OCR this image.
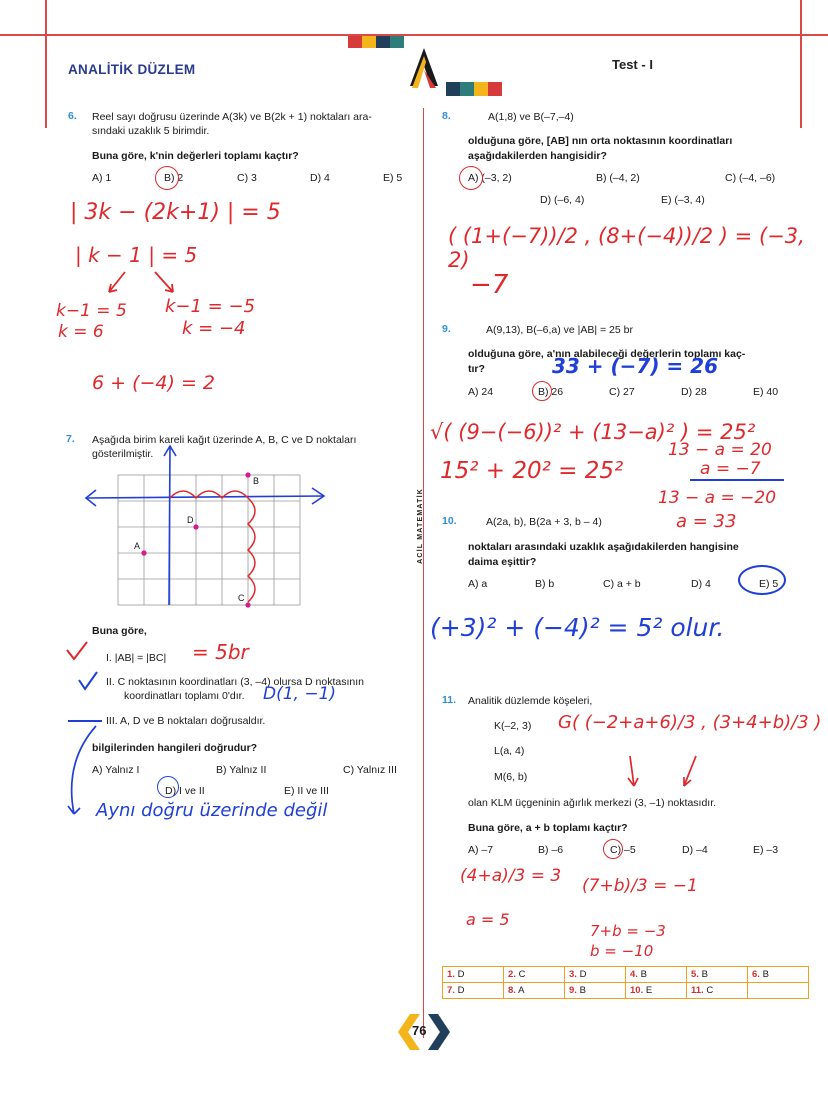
ANALİTİK DÜZLEM	Test - I
6. Reel sayı doğrusu üzerinde A(3k) ve B(2k + 1) noktaları ara-
sındaki uzaklık 5 birimdir.
Buna göre, k'nin değerleri toplamı kaçtır?
A) 1	B) 2	C) 3	D) 4	E) 5
| 3k − (2k+1) | = 5
| k − 1 | = 5
k−1 = 5
k = 6
k−1 = −5
k = −4
6 + (−4) = 2
7. Aşağıda birim kareli kağıt üzerinde A, B, C ve D noktaları
gösterilmiştir.
B
D
A
C
Buna göre,
I. |AB| = |BC| = 5br
II. C noktasının koordinatları (3, –4) olursa D noktasının
koordinatları toplamı 0'dır. D(1, −1)
III. A, D ve B noktaları doğrusaldır.
bilgilerinden hangileri doğrudur?
A) Yalnız I	B) Yalnız II	C) Yalnız III
D) I ve II	E) II ve III
Aynı doğru üzerinde değil
8.	A(1,8) ve B(–7,–4)
olduğuna göre, [AB] nın orta noktasının koordinatları
aşağıdakilerden hangisidir?
A) (–3, 2)	B) (–4, 2)	C) (–4, –6)
D) (–6, 4)	E) (–3, 4)
( (1+(−7))/2 , (8+(−4))/2 ) = (−3, 2)
−7
9.	A(9,13), B(–6,a) ve |AB| = 25 br
olduğuna göre, a'nın alabileceği değerlerin toplamı kaç-
tır?	33 + (−7) = 26
A) 24	B) 26	C) 27	D) 28	E) 40
√( (9−(−6))² + (13−a)² ) = 25²
15² + 20² = 25²
13 − a = 20
a = −7
13 − a = −20
a = 33
ACİL MATEMATİK 10.	A(2a, b), B(2a + 3, b – 4)
noktaları arasındaki uzaklık aşağıdakilerden hangisine
daima eşittir?
A) a	B) b	C) a + b	D) 4	E) 5
(+3)² + (−4)² = 5² olur.
11. Analitik düzlemde köşeleri,
K(–2, 3)
L(a, 4)
M(6, b)
G( (−2+a+6)/3 , (3+4+b)/3 )
olan KLM üçgeninin ağırlık merkezi (3, –1) noktasıdır.
Buna göre, a + b toplamı kaçtır?
A) –7	B) –6	C) –5	D) –4	E) –3
(4+a)/3 = 3
a = 5
(7+b)/3 = −1
7+b = −3
b = −10
1. D	2. C	3. D	4. B	5. B	6. B
7. D	8. A	9. B	10. E	11. C	
76
